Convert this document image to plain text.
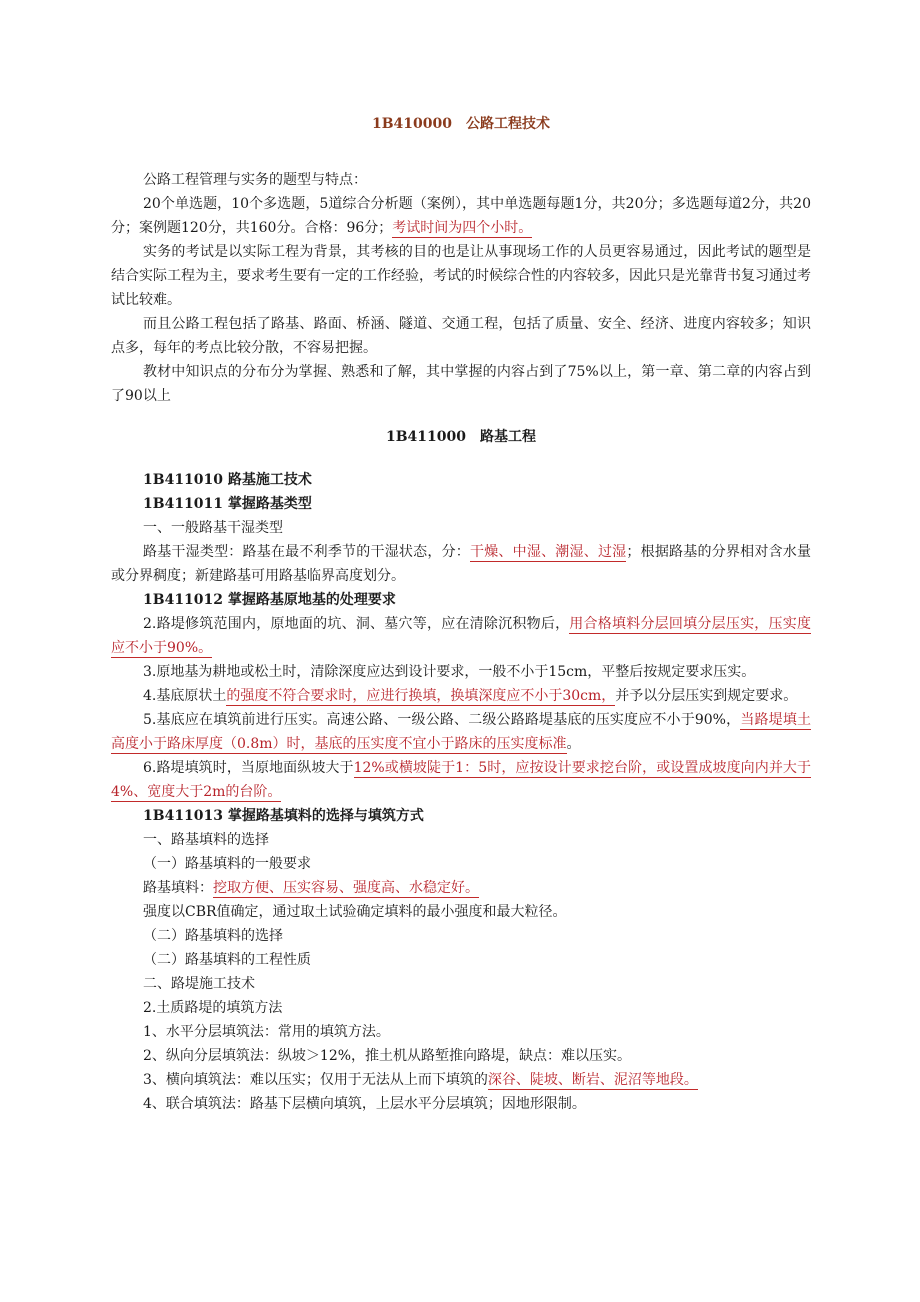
1B410000　公路工程技术

公路工程管理与实务的题型与特点：

20个单选题，10个多选题，5道综合分析题（案例），其中单选题每题1分，共20分；多选题每道2分，共20分；案例题120分，共160分。合格：96分；考试时间为四个小时。

实务的考试是以实际工程为背景，其考核的目的也是让从事现场工作的人员更容易通过，因此考试的题型是结合实际工程为主，要求考生要有一定的工作经验，考试的时候综合性的内容较多，因此只是光靠背书复习通过考试比较难。

而且公路工程包括了路基、路面、桥涵、隧道、交通工程，包括了质量、安全、经济、进度内容较多；知识点多，每年的考点比较分散，不容易把握。

教材中知识点的分布分为掌握、熟悉和了解，其中掌握的内容占到了75%以上，第一章、第二章的内容占到了90以上

1B411000　路基工程

1B411010 路基施工技术

1B411011 掌握路基类型

一、一般路基干湿类型

路基干湿类型：路基在最不利季节的干湿状态，分：干燥、中湿、潮湿、过湿；根据路基的分界相对含水量或分界稠度；新建路基可用路基临界高度划分。

1B411012 掌握路基原地基的处理要求

2.路堤修筑范围内，原地面的坑、洞、墓穴等，应在清除沉积物后，用合格填料分层回填分层压实，压实度应不小于90%。

3.原地基为耕地或松土时，清除深度应达到设计要求，一般不小于15cm，平整后按规定要求压实。

4.基底原状土的强度不符合要求时，应进行换填，换填深度应不小于30cm，并予以分层压实到规定要求。

5.基底应在填筑前进行压实。高速公路、一级公路、二级公路路堤基底的压实度应不小于90%，当路堤填土高度小于路床厚度（0.8m）时，基底的压实度不宜小于路床的压实度标准。

6.路堤填筑时，当原地面纵坡大于12%或横坡陡于1：5时，应按设计要求挖台阶，或设置成坡度向内并大于4%、宽度大于2m的台阶。

1B411013 掌握路基填料的选择与填筑方式

一、路基填料的选择

（一）路基填料的一般要求

路基填料：挖取方便、压实容易、强度高、水稳定好。

强度以CBR值确定，通过取土试验确定填料的最小强度和最大粒径。

（二）路基填料的选择

（二）路基填料的工程性质

二、路堤施工技术

2.土质路堤的填筑方法

1、水平分层填筑法：常用的填筑方法。

2、纵向分层填筑法：纵坡＞12%，推土机从路堑推向路堤，缺点：难以压实。

3、横向填筑法：难以压实；仅用于无法从上而下填筑的深谷、陡坡、断岩、泥沼等地段。

4、联合填筑法：路基下层横向填筑，上层水平分层填筑；因地形限制。
